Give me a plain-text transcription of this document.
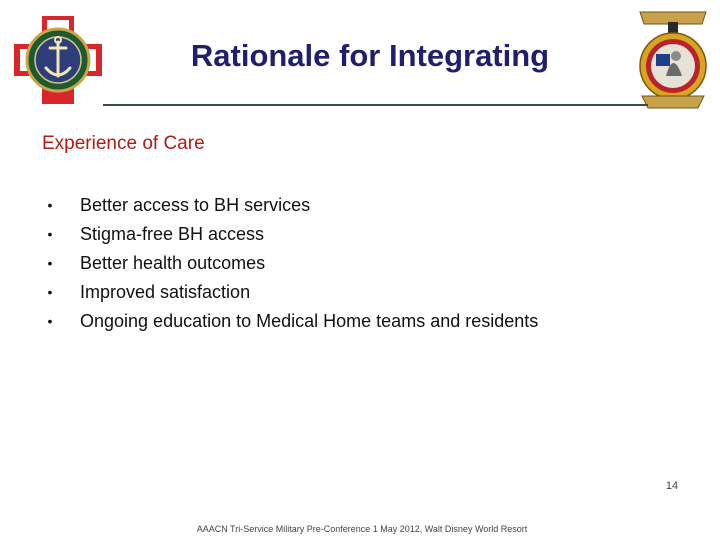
Rationale for Integrating
Experience of Care
• Better access to BH services
• Stigma-free BH access
• Better health outcomes
• Improved satisfaction
• Ongoing education to Medical Home teams and residents
14
AAACN Tri-Service Military Pre-Conference 1 May 2012, Walt Disney World Resort
